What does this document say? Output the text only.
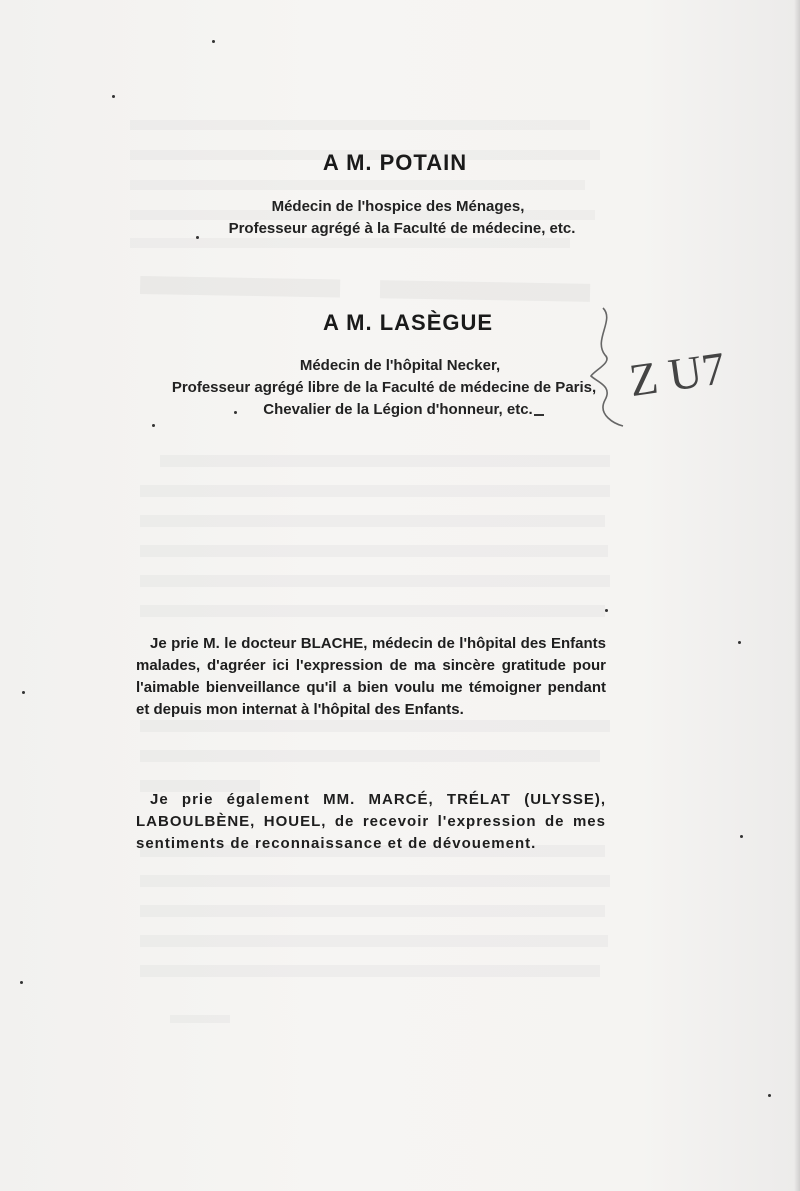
A M. POTAIN
Médecin de l'hospice des Ménages,
Professeur agrégé à la Faculté de médecine, etc.
A M. LASÈGUE
Médecin de l'hôpital Necker,
Professeur agrégé libre de la Faculté de médecine de Paris,
Chevalier de la Légion d'honneur, etc.
Z U7
Je prie M. le docteur BLACHE, médecin de l'hôpital des Enfants malades, d'agréer ici l'expression de ma sincère gratitude pour l'aimable bienveillance qu'il a bien voulu me témoigner pendant et depuis mon internat à l'hôpital des Enfants.
Je prie également MM. MARCÉ, TRÉLAT (ULYSSE), LABOULBÈNE, HOUEL, de recevoir l'expression de mes sentiments de reconnaissance et de dévouement.
